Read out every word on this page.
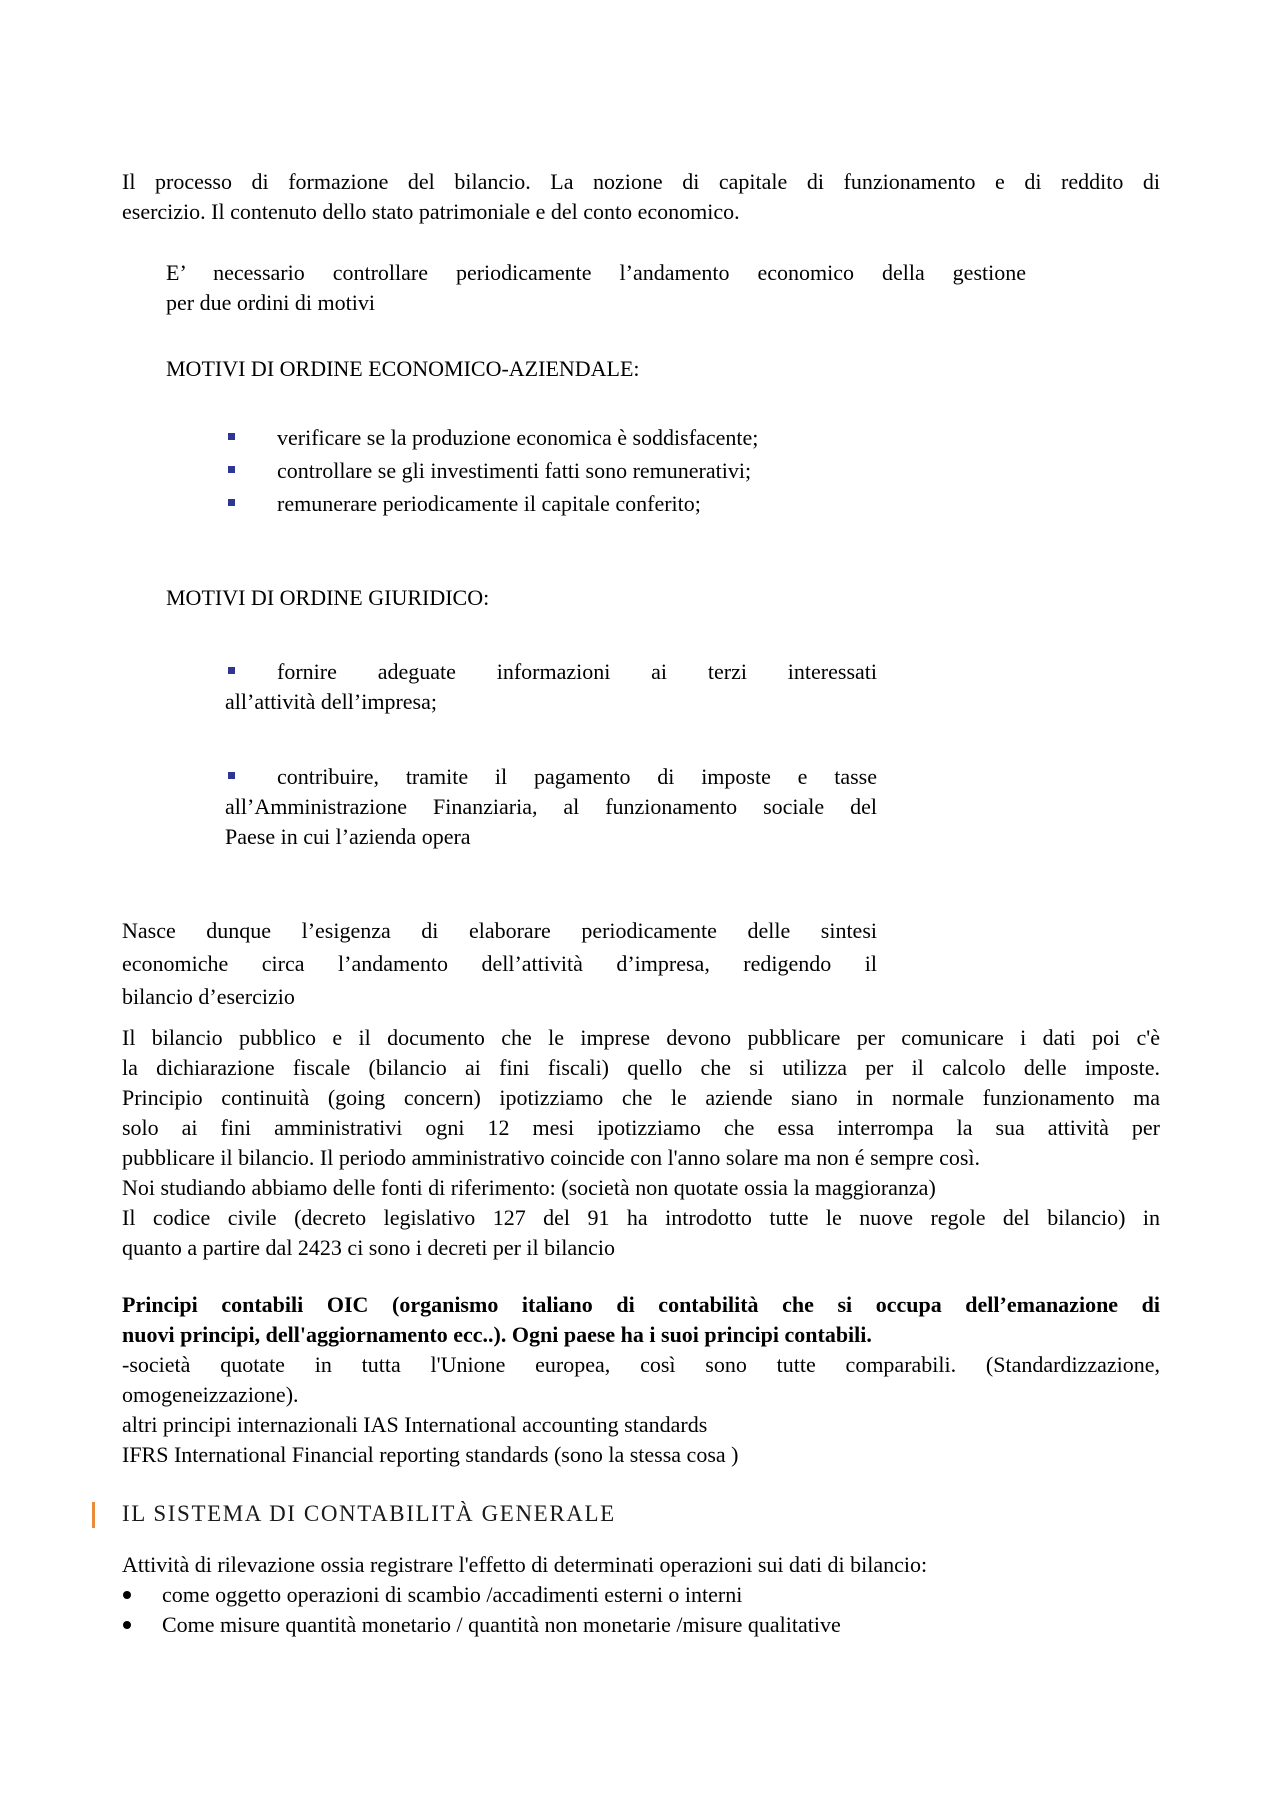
Il processo di formazione del bilancio. La nozione di capitale di funzionamento e di reddito di
esercizio. Il contenuto dello stato patrimoniale e del conto economico.
E’ necessario controllare periodicamente l’andamento economico della gestione
per due ordini di motivi
MOTIVI DI ORDINE ECONOMICO-AZIENDALE:
verificare se la produzione economica è soddisfacente;
controllare se gli investimenti fatti sono remunerativi;
remunerare periodicamente il capitale conferito;
MOTIVI DI ORDINE GIURIDICO:
fornire adeguate informazioni ai terzi interessati
all’attività dell’impresa;
contribuire, tramite il pagamento di imposte e tasse
all’Amministrazione Finanziaria, al funzionamento sociale del
Paese in cui l’azienda opera
Nasce dunque l’esigenza di elaborare periodicamente delle sintesi
economiche circa l’andamento dell’attività d’impresa, redigendo il
bilancio d’esercizio
Il bilancio pubblico e il documento che le imprese devono pubblicare per comunicare i dati poi c'è
la dichiarazione fiscale (bilancio ai fini fiscali) quello che si utilizza per il calcolo delle imposte.
Principio continuità (going concern) ipotizziamo che le aziende siano in normale funzionamento ma
solo ai fini amministrativi ogni 12 mesi ipotizziamo che essa interrompa la sua attività per
pubblicare il bilancio. Il periodo amministrativo coincide con l'anno solare ma non é sempre così.
Noi studiando abbiamo delle fonti di riferimento: (società non quotate ossia la maggioranza)
Il codice civile (decreto legislativo 127 del 91 ha introdotto tutte le nuove regole del bilancio) in
quanto a partire dal 2423 ci sono i decreti per il bilancio
Principi contabili OIC (organismo italiano di contabilità che si occupa dell’emanazione di
nuovi principi, dell'aggiornamento ecc..). Ogni paese ha i suoi principi contabili.
-società quotate in tutta l'Unione europea, così sono tutte comparabili. (Standardizzazione,
omogeneizzazione).
altri principi internazionali IAS International accounting standards
IFRS International Financial reporting standards (sono la stessa cosa )
IL SISTEMA DI CONTABILITÀ GENERALE
Attività di rilevazione ossia registrare l'effetto di determinati operazioni sui dati di bilancio:
come oggetto operazioni di scambio /accadimenti esterni o interni
Come misure quantità monetario / quantità non monetarie /misure qualitative
